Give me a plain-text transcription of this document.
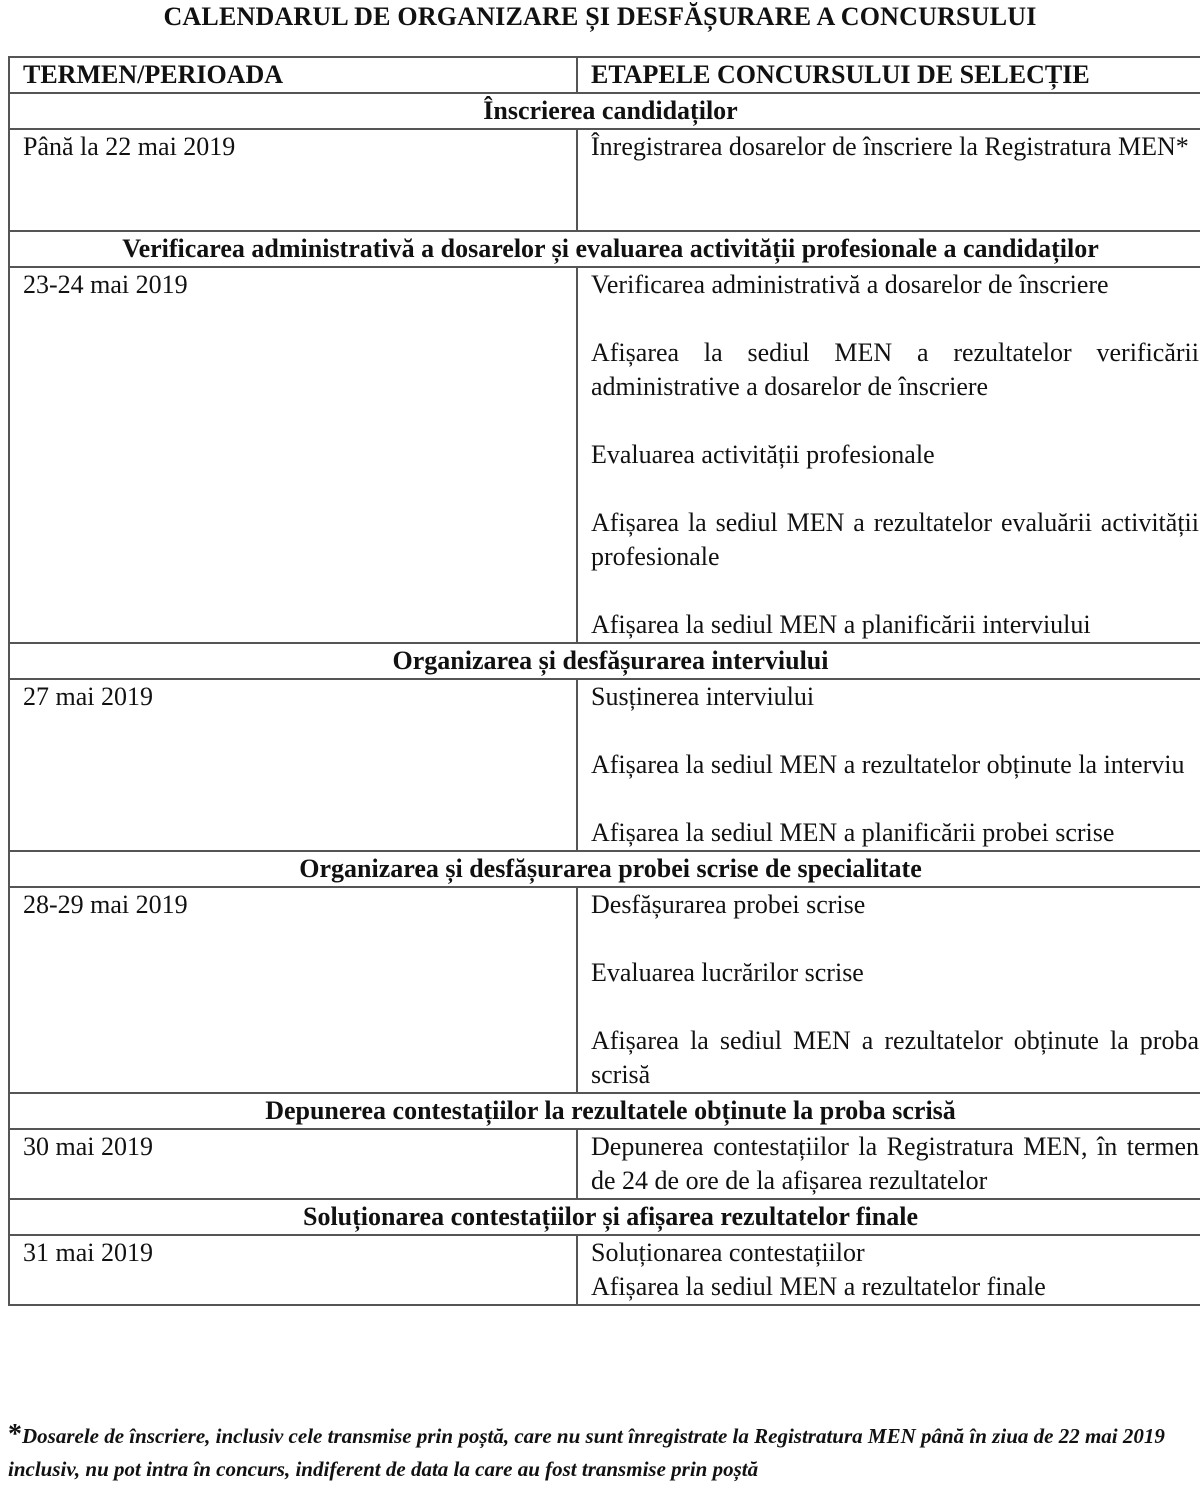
CALENDARUL DE ORGANIZARE ȘI DESFĂȘURARE A CONCURSULUI
TERMEN/PERIOADA	ETAPELE CONCURSULUI DE SELECȚIE
Înscrierea candidaților	
Până la 22 mai 2019	Înregistrarea dosarelor de înscriere la Registratura MEN*

Verificarea administrativă a dosarelor și evaluarea activității profesionale a candidaților	
23-24 mai 2019	Verificarea administrativă a dosarelor de înscriere

Afișarea la sediul MEN a rezultatelor verificării administrative a dosarelor de înscriere

Evaluarea activității profesionale

Afișarea la sediul MEN a rezultatelor evaluării activității profesionale

Afișarea la sediul MEN a planificării interviului

Organizarea și desfășurarea interviului	
27 mai 2019	Susținerea interviului

Afișarea la sediul MEN a rezultatelor obținute la interviu

Afișarea la sediul MEN a planificării probei scrise

Organizarea și desfășurarea probei scrise de specialitate	
28-29 mai 2019	Desfășurarea probei scrise

Evaluarea lucrărilor scrise

Afișarea la sediul MEN a rezultatelor obținute la proba scrisă

Depunerea contestațiilor la rezultatele obținute la proba scrisă	
30 mai 2019	Depunerea contestațiilor la Registratura MEN, în termen de 24 de ore de la afișarea rezultatelor

Soluționarea contestațiilor și afișarea rezultatelor finale	
31 mai 2019	Soluționarea contestațiilor

Afișarea la sediul MEN a rezultatelor finale

*Dosarele de înscriere, inclusiv cele transmise prin poștă, care nu sunt înregistrate la Registratura MEN până în ziua de 22 mai 2019 inclusiv, nu pot intra în concurs, indiferent de data la care au fost transmise prin poștă
